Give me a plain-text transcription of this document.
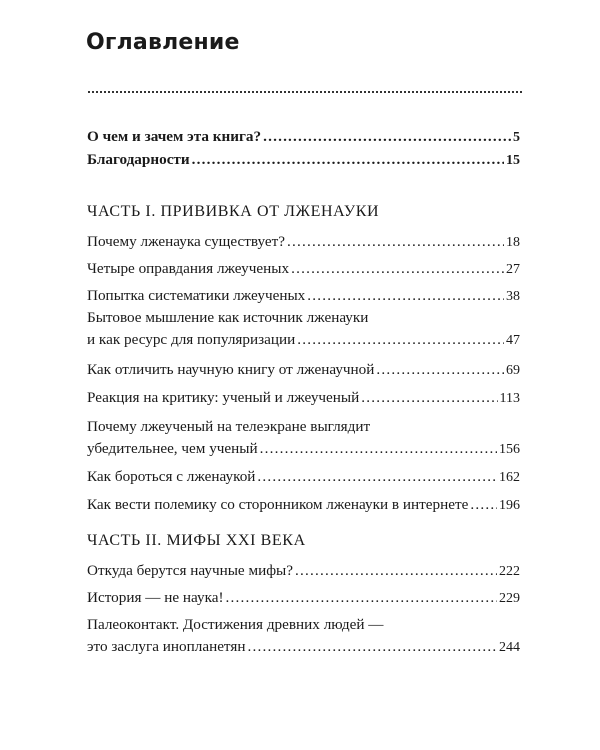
Оглавление
О чем и зачем эта книга? .....	5
Благодарности .....	15
ЧАСТЬ I. ПРИВИВКА ОТ ЛЖЕНАУКИ
Почему лженаука существует? .....	18
Четыре оправдания лжеученых .....	27
Попытка систематики лжеученых .....	38
Бытовое мышление как источник лженауки
и как ресурс для популяризации .....	47
Как отличить научную книгу от лженаучной .....	69
Реакция на критику: ученый и лжеученый .....	113
Почему лжеученый на телеэкране выглядит
убедительнее, чем ученый .....	156
Как бороться с лженаукой .....	162
Как вести полемику со сторонником лженауки в интернете ..... 196
ЧАСТЬ II. МИФЫ XXI ВЕКА
Откуда берутся научные мифы? .....	222
История — не наука! .....	229
Палеоконтакт. Достижения древних людей —
это заслуга инопланетян .....	244
